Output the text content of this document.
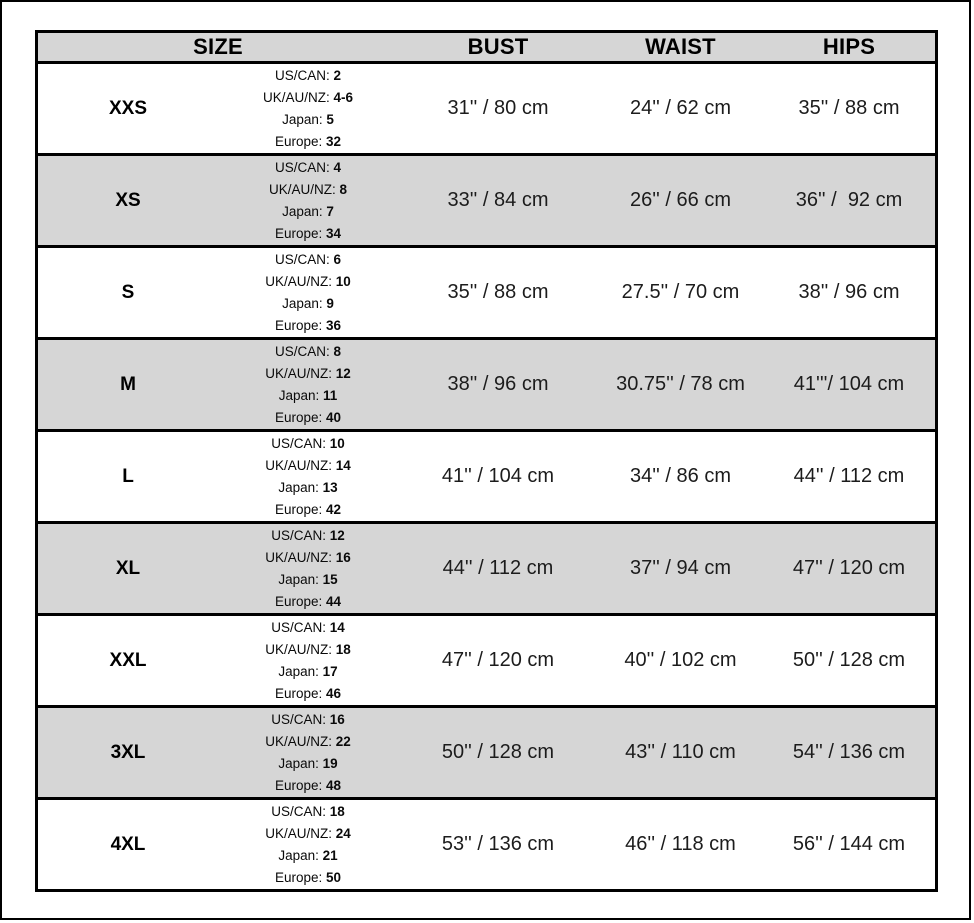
SIZE	BUST	WAIST	HIPS
XXS
US/CAN: 2
UK/AU/NZ: 4-6
Japan: 5
Europe: 32
31'' / 80 cm	24'' / 62 cm	35'' / 88 cm
XS
US/CAN: 4
UK/AU/NZ: 8
Japan: 7
Europe: 34
33'' / 84 cm	26'' / 66 cm	36'' /  92 cm
S
US/CAN: 6
UK/AU/NZ: 10
Japan: 9
Europe: 36
35'' / 88 cm	27.5'' / 70 cm	38'' / 96 cm
M
US/CAN: 8
UK/AU/NZ: 12
Japan: 11
Europe: 40
38'' / 96 cm	30.75'' / 78 cm	41'''/ 104 cm
L
US/CAN: 10
UK/AU/NZ: 14
Japan: 13
Europe: 42
41'' / 104 cm	34'' / 86 cm	44'' / 112 cm
XL
US/CAN: 12
UK/AU/NZ: 16
Japan: 15
Europe: 44
44'' / 112 cm	37'' / 94 cm	47'' / 120 cm
XXL
US/CAN: 14
UK/AU/NZ: 18
Japan: 17
Europe: 46
47'' / 120 cm	40'' / 102 cm	50'' / 128 cm
3XL
US/CAN: 16
UK/AU/NZ: 22
Japan: 19
Europe: 48
50'' / 128 cm	43'' / 110 cm	54'' / 136 cm
4XL
US/CAN: 18
UK/AU/NZ: 24
Japan: 21
Europe: 50
53'' / 136 cm	46'' / 118 cm	56'' / 144 cm
